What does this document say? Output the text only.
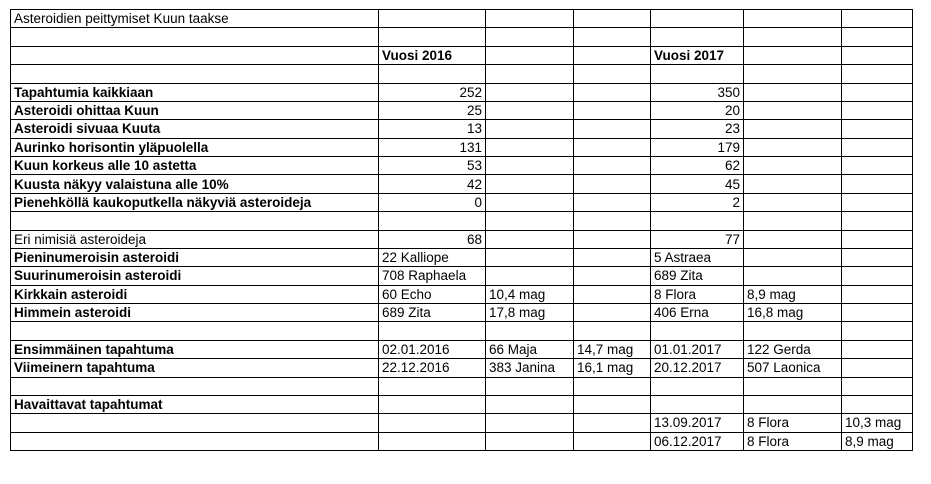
Asteroidien peittymiset Kuun taakse						

	Vuosi 2016			Vuosi 2017		

Tapahtumia kaikkiaan	252			350		
Asteroidi ohittaa Kuun	25			20		
Asteroidi sivuaa Kuuta	13			23		
Aurinko horisontin yläpuolella	131			179		
Kuun korkeus alle 10 astetta	53			62		
Kuusta näkyy valaistuna alle 10%	42			45		
Pienehköllä kaukoputkella näkyviä asteroideja	0			2		

Eri nimisiä asteroideja	68			77		
Pieninumeroisin asteroidi	22 Kalliope			5 Astraea		
Suurinumeroisin asteroidi	708 Raphaela			689 Zita		
Kirkkain asteroidi	60 Echo	10,4 mag		8 Flora	8,9 mag	
Himmein asteroidi	689 Zita	17,8 mag		406 Erna	16,8 mag	

Ensimmäinen tapahtuma	02.01.2016	66 Maja	14,7 mag	01.01.2017	122 Gerda	
Viimeinern tapahtuma	22.12.2016	383 Janina	16,1 mag	20.12.2017	507 Laonica	

Havaittavat tapahtumat						
				13.09.2017	8 Flora	10,3 mag
				06.12.2017	8 Flora	8,9 mag
